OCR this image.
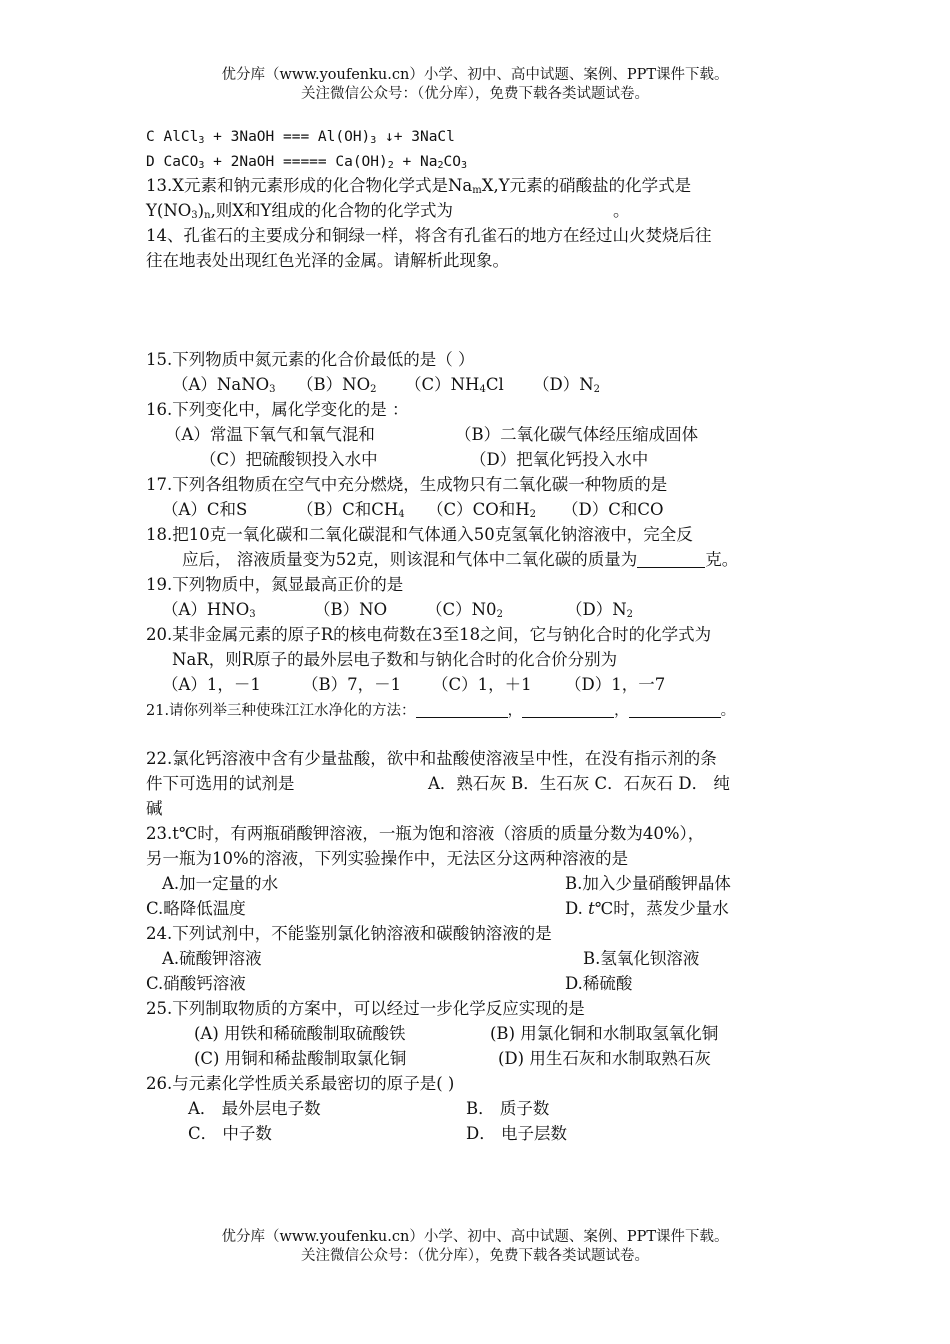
优分库（www.youfenku.cn）小学、初中、高中试题、案例、PPT课件下载。
关注微信公众号：（优分库），免费下载各类试题试卷。
C AlCl$_3$ + 3NaOH === $Al(OH)_3$ ↓+ 3NaCl
D CaCO$_3$ + 2NaOH ===== $Ca(OH)_2 + Na_2CO_3$
13.X元素和钠元素形成的化合物化学式是$Na_mX,Y$元素的硝酸盐的化学式是
$Y(NO_3)_n$,则X和Y组成的化合物的化学式为	。
14、孔雀石的主要成分和铜绿一样，将含有孔雀石的地方在经过山火焚烧后往
往在地表处出现红色光泽的金属。请解析此现象。
15.下列物质中氮元素的化合价最低的是（ ）
（A）NaNO$_3$ $(B)NO_2$ $(C)NH_4Cl$ $(D)N_2$
16.下列变化中，属化学变化的是 ：
（A）常温下氧气和氧气混和	（B）二氧化碳气体经压缩成固体
（C）把硫酸钡投入水中	（D）把氧化钙投入水中
17.下列各组物质在空气中充分燃烧，生成物只有二氧化碳一种物质的是
（A）C和S	（B）C和$CH_4$ （C）CO和$H_2$ （D）C和CO
18.把10克一氧化碳和二氧化碳混和气体通入50克氢氧化钠溶液中，完全反
应后， 溶液质量变为52克，则该混和气体中二氧化碳的质量为	克。
19.下列物质中，氮显最高正价的是
$(A)HNO_3$	（B）NO $(C)N0_2$	$(D)N_2$
20.某非金属元素的原子R的核电荷数在3至18之间，它与钠化合时的化学式为
NaR，则R原子的最外层电子数和与钠化合时的化合价分别为
（A）1，－1 （B）7，－1 （C）1，＋1 （D）1，一7
21.请你列举三种使珠江江水净化的方法：	，	，	。
22.氯化钙溶液中含有少量盐酸，欲中和盐酸使溶液呈中性，在没有指示剂的条
件下可选用的试剂是	A．熟石灰 B．生石灰 C．石灰石 D． 纯
碱
23.t℃时，有两瓶硝酸钾溶液，一瓶为饱和溶液（溶质的质量分数为40%），
另一瓶为10%的溶液，下列实验操作中，无法区分这两种溶液的是
A.加一定量的水	B.加入少量硝酸钾晶体
C.略降低温度	D. t℃时，蒸发少量水
24.下列试剂中，不能鉴别氯化钠溶液和碳酸钠溶液的是
A.硫酸钾溶液	B.氢氧化钡溶液
C.硝酸钙溶液	D.稀硫酸
25.下列制取物质的方案中，可以经过一步化学反应实现的是
(A) 用铁和稀硫酸制取硫酸铁	(B) 用氯化铜和水制取氢氧化铜
(C) 用铜和稀盐酸制取氯化铜	(D) 用生石灰和水制取熟石灰
26.与元素化学性质关系最密切的原子是( )
A． 最外层电子数	B． 质子数
C． 中子数	D． 电子层数
优分库（www.youfenku.cn）小学、初中、高中试题、案例、PPT课件下载。
关注微信公众号：（优分库），免费下载各类试题试卷。
